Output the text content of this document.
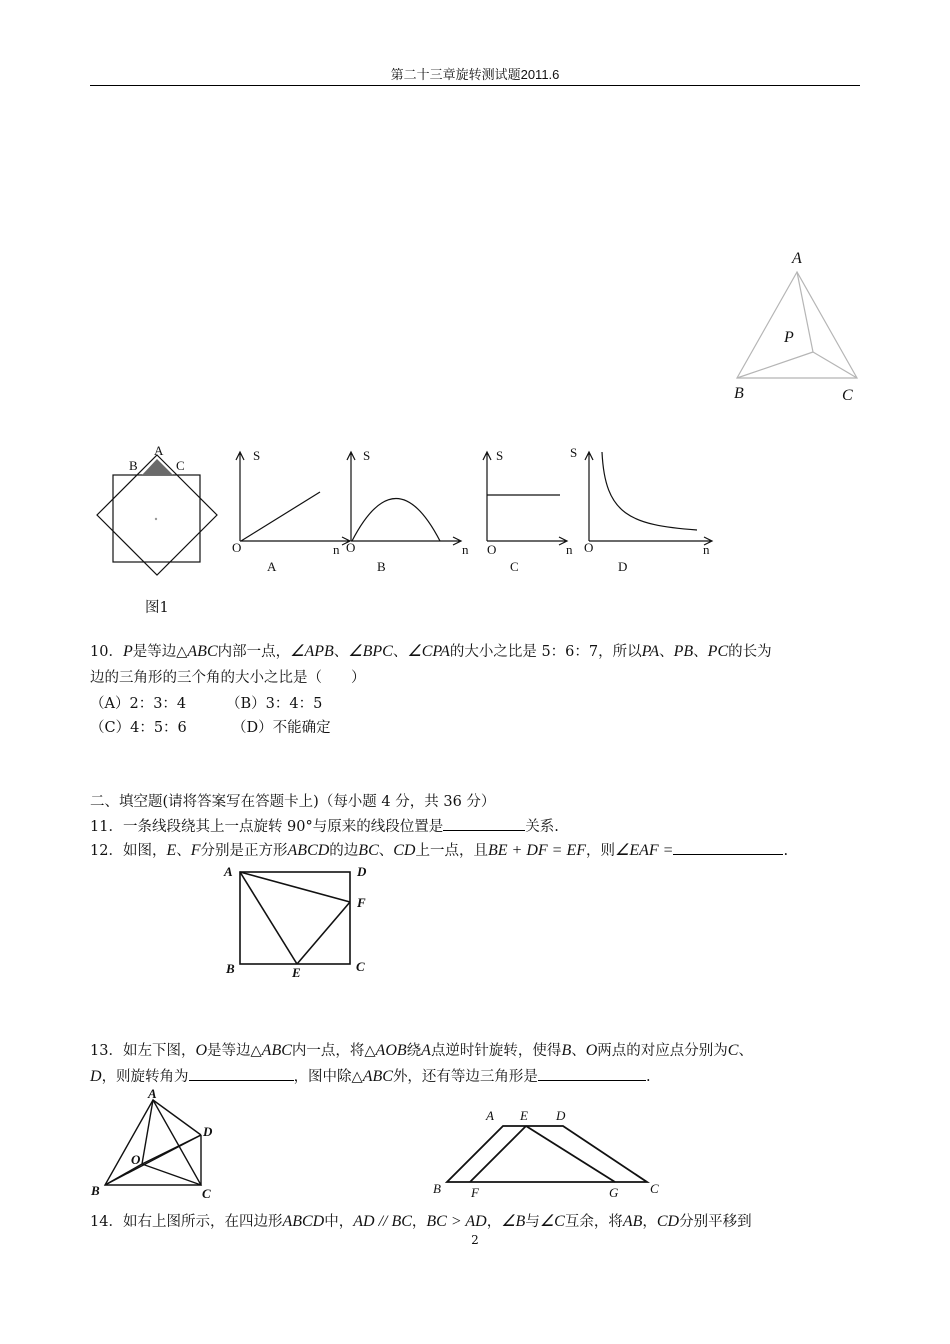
第二十三章旋转测试题2011.6
A
P
B	C
A
B	C
S
O	n
A
S
O	n
B
S
O	n
C
S
O	n
D
图1
10．P是等边△ABC内部一点，∠APB、∠BPC、∠CPA的大小之比是 5：6：7，所以PA、PB、PC的长为
边的三角形的三个角的大小之比是（　　）
（A）2：3：4	（B）3：4：5
（C）4：5：6	（D）不能确定
二、填空题(请将答案写在答题卡上)（每小题 4 分，共 36 分）
11．一条线段绕其上一点旋转 90°与原来的线段位置是	关系.
12．如图，E、F分别是正方形ABCD的边BC、CD上一点，且BE + DF = EF，则∠EAF =	.
A	D
F
B	E	C
13．如左下图，O是等边△ABC内一点，将△AOB绕A点逆时针旋转，使得B、O两点的对应点分别为C、
D，则旋转角为	，图中除△ABC外，还有等边三角形是	.
A
D
O
B	C
A E D
B F	G C
14．如右上图所示，在四边形ABCD中，AD // BC，BC > AD，∠B与∠C互余，将AB，CD分别平移到
2
